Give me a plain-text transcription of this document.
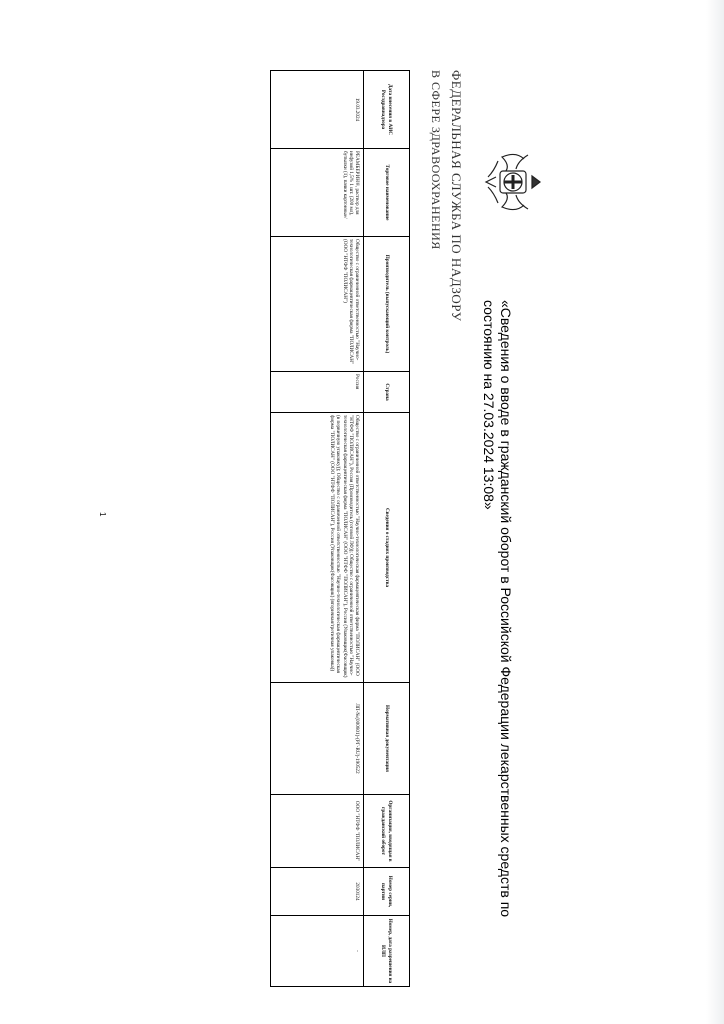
ФЕДЕРАЛЬНАЯ СЛУЖБА ПО НАДЗОРУ
В СФЕРЕ ЗДРАВООХРАНЕНИЯ
«Сведения о вводе в гражданский оборот в Российской Федерации лекарственных средств по состоянию на 27.03.2024 13:08»
Дата внесения в АИС Росздравнадзора	Торговое наименование	Производитель (выпускающий контроль)	Страна	Сведения о стадиях производства	Нормативная документация	Организация, вводящая в гражданский оборот	Номер серии, партии	Номер, дата разрешения на ИЛП
19.03.2024	РЕАМБЕРИН®, раствор для инфузий 1,5% 1 шт. (200 мл), бутылки (1), пачки картонные/	Общество с ограниченной ответственностью "Научно-технологическая фармацевтическая фирма "ПОЛИСАН" (ООО "НТФФ "ПОЛИСАН")	Россия	Общество с ограниченной ответственностью "Научно-технологическая фармацевтическая фирма "ПОЛИСАН" (ООО "НТФФ "ПОЛИСАН"), Россия (Производитель (готовой ЛФ)); Общество с ограниченной ответственностью "Научно-технологическая фармацевтическая фирма "ПОЛИСАН" (ООО "НТФФ "ПОЛИСАН"), Россия (Упаковщик(Фасовщик) (в первичную упаковку)); Общество с ограниченной ответственностью "Научно-технологическая фармацевтическая фирма "ПОЛИСАН" (ООО "НТФФ "ПОЛИСАН"), Россия (Упаковщик(Фасовщик) (вторичная/третичная упаковка))	ЛП-№(000801)-(РГ-RU)-190522	ООО "НТФФ "ПОЛИСАН"	2030124	-
1
